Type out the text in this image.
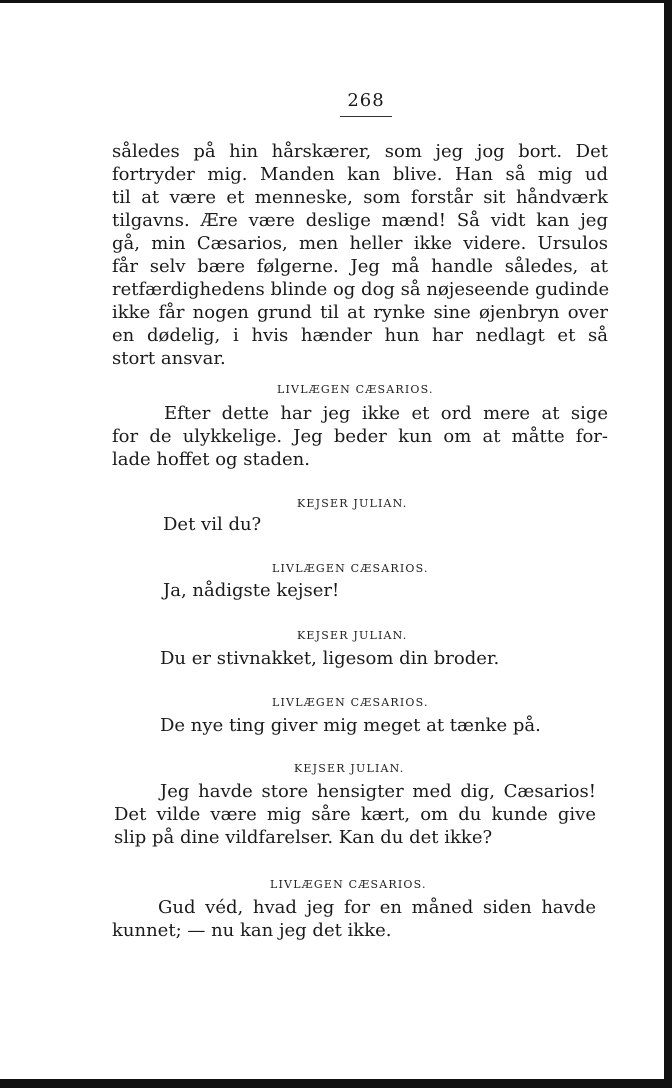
268
således på hin hårskærer, som jeg jog bort. Det
fortryder mig. Manden kan blive. Han så mig ud
til at være et menneske, som forstår sit håndværk
tilgavns. Ære være deslige mænd! Så vidt kan jeg
gå, min Cæsarios, men heller ikke videre. Ursulos
får selv bære følgerne. Jeg må handle således, at
retfærdighedens blinde og dog så nøjeseende gudinde
ikke får nogen grund til at rynke sine øjenbryn over
en dødelig, i hvis hænder hun har nedlagt et så
stort ansvar.
LIVLÆGEN CÆSARIOS.
Efter dette har jeg ikke et ord mere at sige
for de ulykkelige. Jeg beder kun om at måtte for-
lade hoffet og staden.
KEJSER JULIAN.
Det vil du?
LIVLÆGEN CÆSARIOS.
Ja, nådigste kejser!
KEJSER JULIAN.
Du er stivnakket, ligesom din broder.
LIVLÆGEN CÆSARIOS.
De nye ting giver mig meget at tænke på.
KEJSER JULIAN.
Jeg havde store hensigter med dig, Cæsarios!
Det vilde være mig såre kært, om du kunde give
slip på dine vildfarelser. Kan du det ikke?
LIVLÆGEN CÆSARIOS.
Gud véd, hvad jeg for en måned siden havde
kunnet; — nu kan jeg det ikke.
